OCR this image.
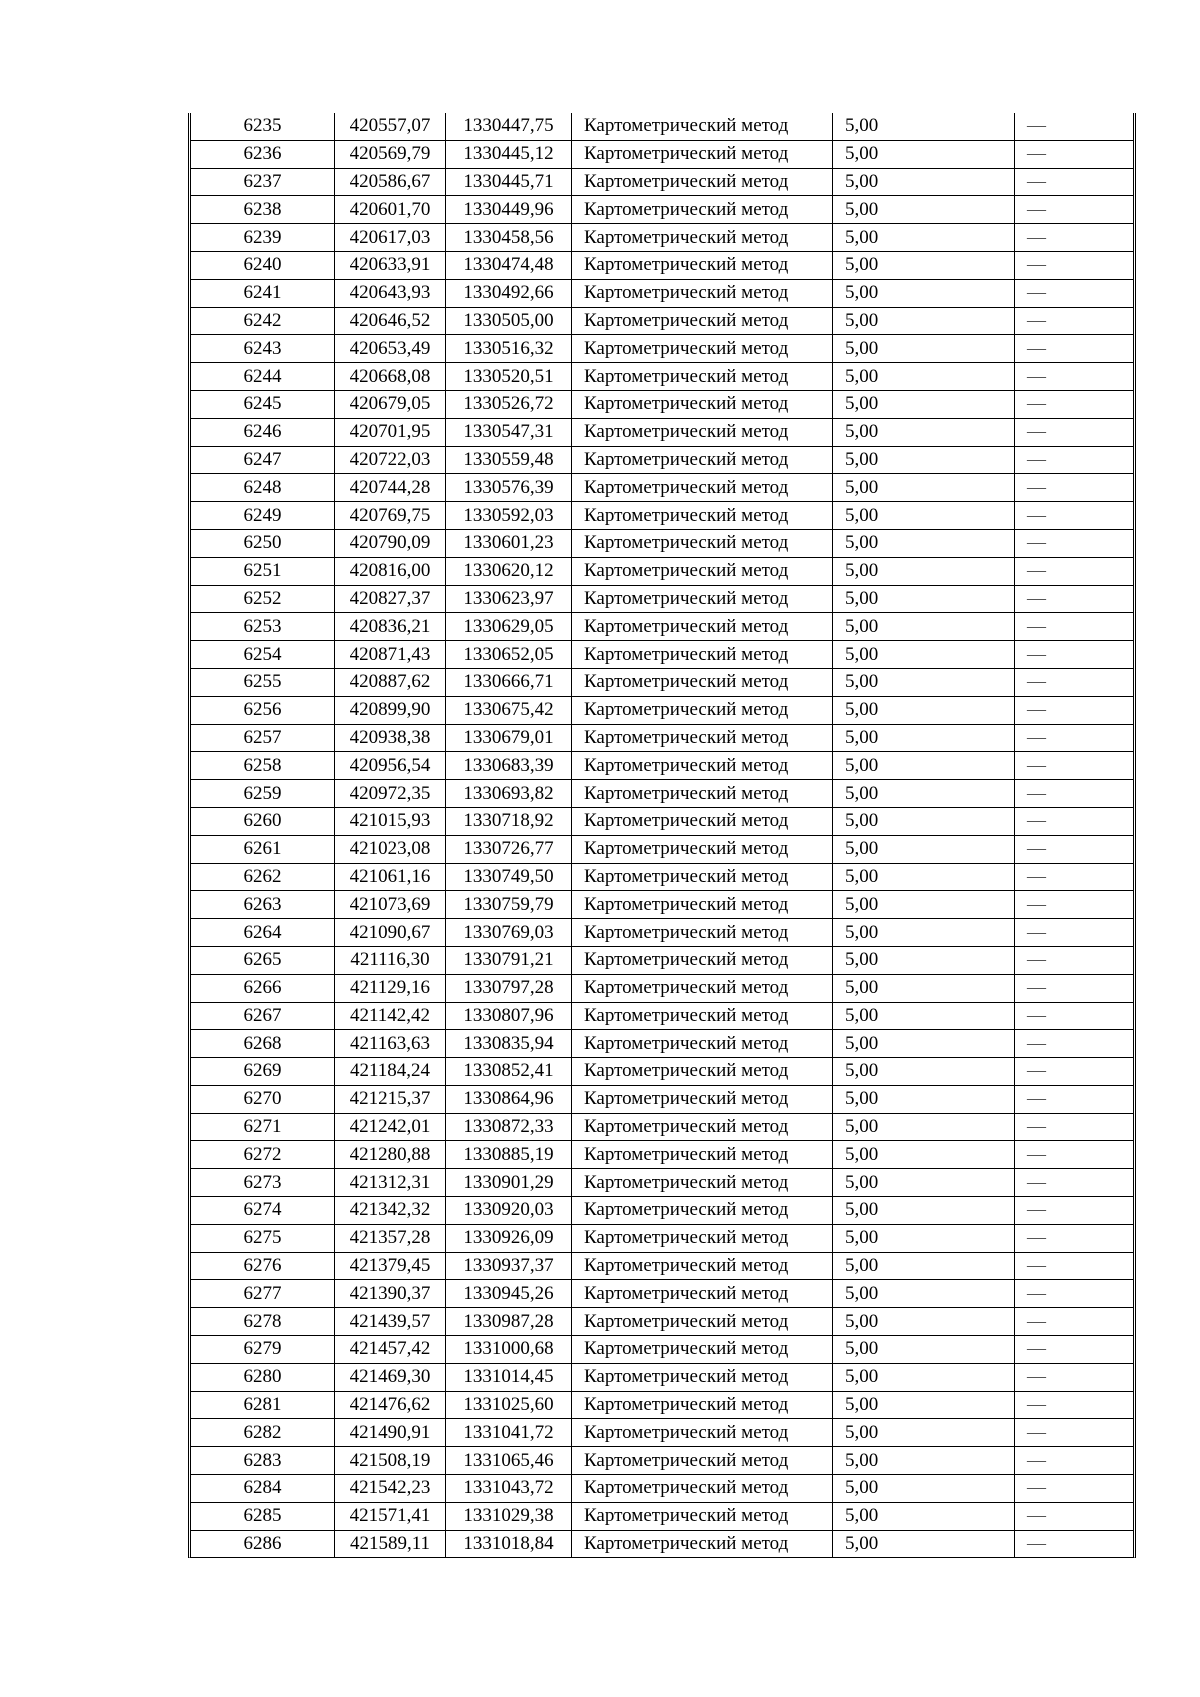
6235	420557,07	1330447,75	Картометрический метод	5,00	—
6236	420569,79	1330445,12	Картометрический метод	5,00	—
6237	420586,67	1330445,71	Картометрический метод	5,00	—
6238	420601,70	1330449,96	Картометрический метод	5,00	—
6239	420617,03	1330458,56	Картометрический метод	5,00	—
6240	420633,91	1330474,48	Картометрический метод	5,00	—
6241	420643,93	1330492,66	Картометрический метод	5,00	—
6242	420646,52	1330505,00	Картометрический метод	5,00	—
6243	420653,49	1330516,32	Картометрический метод	5,00	—
6244	420668,08	1330520,51	Картометрический метод	5,00	—
6245	420679,05	1330526,72	Картометрический метод	5,00	—
6246	420701,95	1330547,31	Картометрический метод	5,00	—
6247	420722,03	1330559,48	Картометрический метод	5,00	—
6248	420744,28	1330576,39	Картометрический метод	5,00	—
6249	420769,75	1330592,03	Картометрический метод	5,00	—
6250	420790,09	1330601,23	Картометрический метод	5,00	—
6251	420816,00	1330620,12	Картометрический метод	5,00	—
6252	420827,37	1330623,97	Картометрический метод	5,00	—
6253	420836,21	1330629,05	Картометрический метод	5,00	—
6254	420871,43	1330652,05	Картометрический метод	5,00	—
6255	420887,62	1330666,71	Картометрический метод	5,00	—
6256	420899,90	1330675,42	Картометрический метод	5,00	—
6257	420938,38	1330679,01	Картометрический метод	5,00	—
6258	420956,54	1330683,39	Картометрический метод	5,00	—
6259	420972,35	1330693,82	Картометрический метод	5,00	—
6260	421015,93	1330718,92	Картометрический метод	5,00	—
6261	421023,08	1330726,77	Картометрический метод	5,00	—
6262	421061,16	1330749,50	Картометрический метод	5,00	—
6263	421073,69	1330759,79	Картометрический метод	5,00	—
6264	421090,67	1330769,03	Картометрический метод	5,00	—
6265	421116,30	1330791,21	Картометрический метод	5,00	—
6266	421129,16	1330797,28	Картометрический метод	5,00	—
6267	421142,42	1330807,96	Картометрический метод	5,00	—
6268	421163,63	1330835,94	Картометрический метод	5,00	—
6269	421184,24	1330852,41	Картометрический метод	5,00	—
6270	421215,37	1330864,96	Картометрический метод	5,00	—
6271	421242,01	1330872,33	Картометрический метод	5,00	—
6272	421280,88	1330885,19	Картометрический метод	5,00	—
6273	421312,31	1330901,29	Картометрический метод	5,00	—
6274	421342,32	1330920,03	Картометрический метод	5,00	—
6275	421357,28	1330926,09	Картометрический метод	5,00	—
6276	421379,45	1330937,37	Картометрический метод	5,00	—
6277	421390,37	1330945,26	Картометрический метод	5,00	—
6278	421439,57	1330987,28	Картометрический метод	5,00	—
6279	421457,42	1331000,68	Картометрический метод	5,00	—
6280	421469,30	1331014,45	Картометрический метод	5,00	—
6281	421476,62	1331025,60	Картометрический метод	5,00	—
6282	421490,91	1331041,72	Картометрический метод	5,00	—
6283	421508,19	1331065,46	Картометрический метод	5,00	—
6284	421542,23	1331043,72	Картометрический метод	5,00	—
6285	421571,41	1331029,38	Картометрический метод	5,00	—
6286	421589,11	1331018,84	Картометрический метод	5,00	—
